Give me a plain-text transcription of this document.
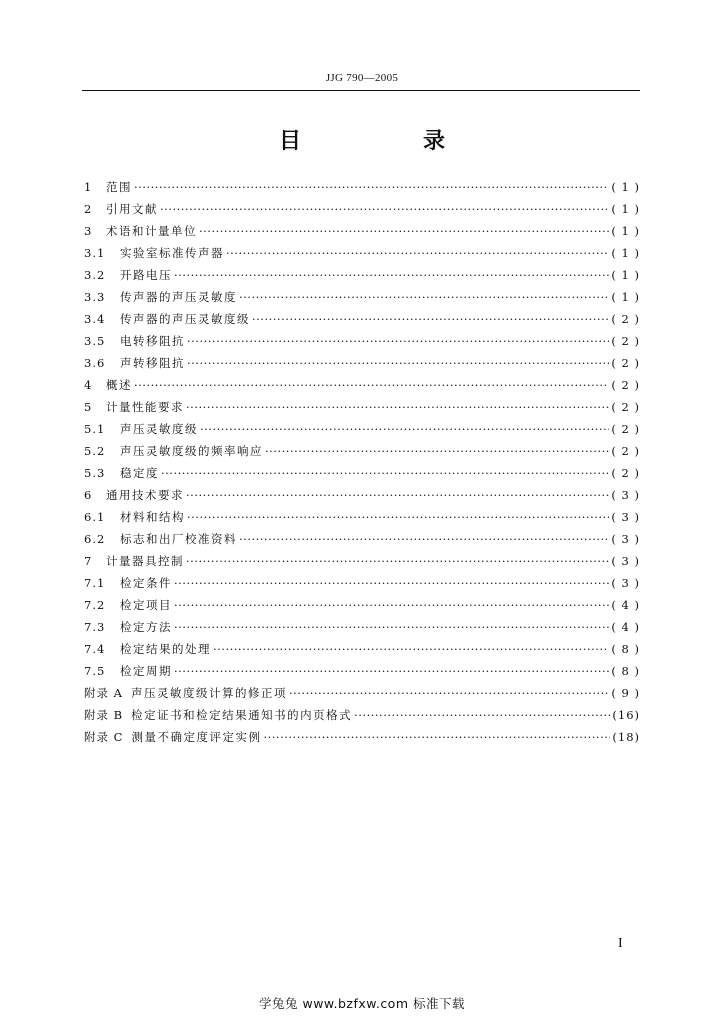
JJG 790—2005
目　录
1	范围 ·····	( 1 )
2	引用文献 ·····	( 1 )
3	术语和计量单位 ·····	( 1 )
3.1	实验室标准传声器 ·····	( 1 )
3.2	开路电压 ·····	( 1 )
3.3	传声器的声压灵敏度 ·····	( 1 )
3.4	传声器的声压灵敏度级 ·····	( 2 )
3.5	电转移阻抗 ·····	( 2 )
3.6	声转移阻抗 ·····	( 2 )
4	概述 ·····	( 2 )
5	计量性能要求 ·····	( 2 )
5.1	声压灵敏度级 ·····	( 2 )
5.2	声压灵敏度级的频率响应 ·····	( 2 )
5.3	稳定度 ·····	( 2 )
6	通用技术要求 ·····	( 3 )
6.1	材料和结构 ·····	( 3 )
6.2	标志和出厂校准资料 ·····	( 3 )
7	计量器具控制 ·····	( 3 )
7.1	检定条件 ·····	( 3 )
7.2	检定项目 ·····	( 4 )
7.3	检定方法 ·····	( 4 )
7.4	检定结果的处理 ·····	( 8 )
7.5	检定周期 ·····	( 8 )
附录 A 声压灵敏度级计算的修正项 ·····	( 9 )
附录 B 检定证书和检定结果通知书的内页格式 ·····	(16)
附录 C 测量不确定度评定实例 ·····	(18)
I
学兔兔 www.bzfxw.com 标准下载
